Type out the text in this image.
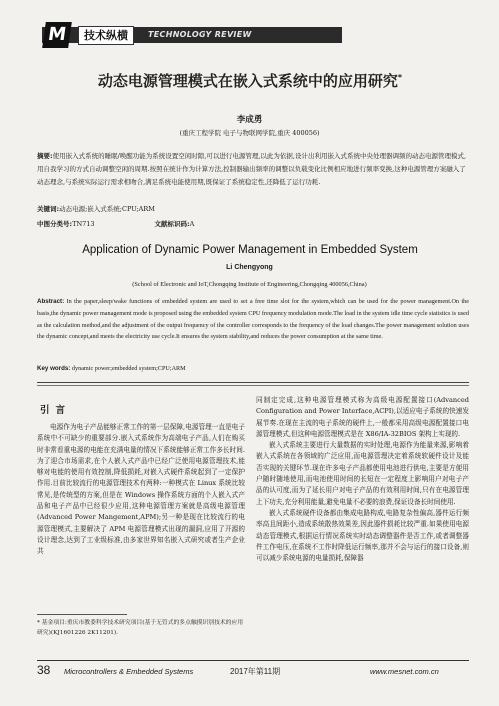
M	技术纵横	TECHNOLOGY REVIEW
动态电源管理模式在嵌入式系统中的应用研究*
李成勇
(重庆工程学院 电子与物联网学院,重庆 400056)
摘要:使用嵌入式系统的睡眠/唤醒功能为系统设置空闲时隙,可以进行电源管理,以此为依据,设计出利用嵌入式系统中央处理器调频的动态电源管理模式,用自我学习的方式自动调整空闲的周期.按照在统计作为计算方法,控制器输出频率的调整以负载变化比例相应地进行频率变换,这种电源管理方案融入了动态理念,与系统实际运行需求相吻合,满足系统电能使用期,既保证了系统稳定性,还降低了运行功耗.
关键词:动态电源;嵌入式系统;CPU;ARM
中图分类号:TN713	文献标识码:A
Application of Dynamic Power Management in Embedded System
Li Chengyong
(School of Electronic and IoT,Chongqing Institute of Engineering,Chongqing 400056,China)
Abstract: In the paper,sleep/wake functions of embedded system are used to set a free time slot for the system,which can be used for the power management.On the basis,the dynamic power management mode is proposed using the embedded system CPU frequency modulation mode.The load in the system idle time cycle statistics is used as the calculation method,and the adjustment of the output frequency of the controller corresponds to the frequency of the load changes.The power management solution uses the dynamic concept,and meets the electricity use cycle.It ensures the system stability,and reduces the power consumption at the same time.
Key words: dynamic power;embedded system;CPU;ARM
引言
电源作为电子产品能够正常工作的第一层保障,电源管理一直是电子系统中不可缺少的重要部分.嵌入式系统作为高端电子产品,人们在购买时非常看重电源的电能在充满电量的情况下系统能够正常工作多长时间.为了迎合市场需求,在个人嵌入式产品中已经广泛使用电源管理技术,能够对电能的使用有效控制,降低损耗,对嵌入式硬件系统起到了一定保护作用.目前比较流行的电源管理技术有两种:一种模式在 Linux 系统比较常见,是传统型的方案,但是在 Windows 操作系统方面的个人嵌入式产品和电子产品中已经很少应用,这种电源管理方案就是高级电源管理(Advanced Power Mangement,APM);另一种是现在比较流行的电源管理模式,主要解决了 APM 电源管理模式出现的漏洞,应用了开源的设计理念,达到了工业级标准,由多家世界知名嵌入式研究或者生产企业共

同制定完成,这种电源管理模式称为高级电源配置接口(Advanced Configuration and Power Interface,ACPI),以适应电子系统的快速发展节奏.在现在主流的电子系统的硬件上,一般都采用高级电源配置接口电源管理模式,但这种电源管理模式是在 X86/IA-32BIOS 架构上实现的.

嵌入式系统主要进行大量数据的实时处理,电源作为能量来源,影响着嵌入式系统在各领域的广泛应用,而电源管理决定着系统软硬件设计及能否实现的关键环节.现在许多电子产品都使用电池进行供电,主要是方便用户随时随地使用,而电池使用时间的长短在一定程度上影响用户对电子产品的认可度,而为了延长用户对电子产品的有效利用时间,只有在电源管理上下功夫,充分利用能量,避免电量不必要的浪费,保证设备长时间使用.

嵌入式系统硬件设备都由集成电路构成,电路复杂性偏高,器件运行频率高且间距小,造成系统散热效果差,因此器件损耗比较严重.如果使用电源动态管理模式,根据运行情况系统实时动态调整器件是否工作,或者调整器件工作电压,在系统不工作时降低运行频率,那并不会与运行的接口设备,则可以减少系统电源的电量损耗,保障器

* 基金项目:重庆市教委科学技术研究项目(基于无管式的多点触摸识别技术的应用研究)(KJ1601226 2K11201).
38 Microcontrollers & Embedded Systems	2017年第11期	www.mesnet.com.cn
